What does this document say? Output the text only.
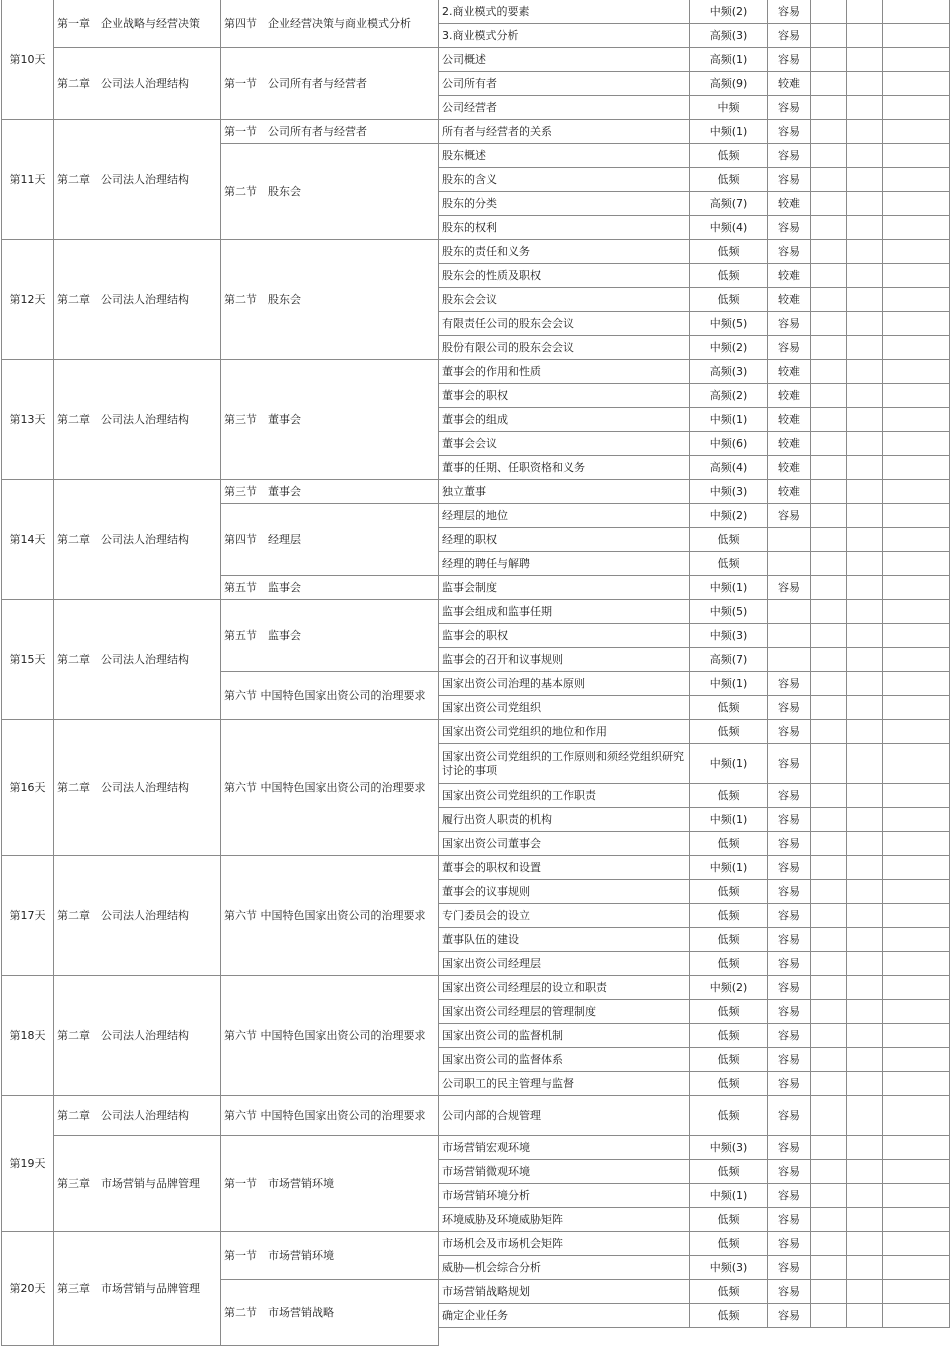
第10天	第一章　企业战略与经营决策	第四节　企业经营决策与商业模式分析	2.商业模式的要素	中频(2)	容易			
			3.商业模式分析	高频(3)	容易			
	第二章　公司法人治理结构	第一节　公司所有者与经营者	公司概述	高频(1)	容易			
			公司所有者	高频(9)	较难			
			公司经营者	中频	容易			
第11天	第二章　公司法人治理结构	第一节　公司所有者与经营者	所有者与经营者的关系	中频(1)	容易			
		第二节　股东会	股东概述	低频	容易			
			股东的含义	低频	容易			
			股东的分类	高频(7)	较难			
			股东的权利	中频(4)	容易			
第12天	第二章　公司法人治理结构	第二节　股东会	股东的责任和义务	低频	容易			
			股东会的性质及职权	低频	较难			
			股东会会议	低频	较难			
			有限责任公司的股东会会议	中频(5)	容易			
			股份有限公司的股东会会议	中频(2)	容易			
第13天	第二章　公司法人治理结构	第三节　董事会	董事会的作用和性质	高频(3)	较难			
			董事会的职权	高频(2)	较难			
			董事会的组成	中频(1)	较难			
			董事会会议	中频(6)	较难			
			董事的任期、任职资格和义务	高频(4)	较难			
第14天	第二章　公司法人治理结构	第三节　董事会	独立董事	中频(3)	较难			
		第四节　经理层	经理层的地位	中频(2)	容易			
			经理的职权	低频				
			经理的聘任与解聘	低频				
		第五节　监事会	监事会制度	中频(1)	容易			
第15天	第二章　公司法人治理结构	第五节　监事会	监事会组成和监事任期	中频(5)				
			监事会的职权	中频(3)				
			监事会的召开和议事规则	高频(7)				
		第六节 中国特色国家出资公司的治理要求	国家出资公司治理的基本原则	中频(1)	容易			
			国家出资公司党组织	低频	容易			
第16天	第二章　公司法人治理结构	第六节 中国特色国家出资公司的治理要求	国家出资公司党组织的地位和作用	低频	容易			
			国家出资公司党组织的工作原则和须经党组织研究讨论的事项	中频(1)	容易			
			国家出资公司党组织的工作职责	低频	容易			
			履行出资人职责的机构	中频(1)	容易			
			国家出资公司董事会	低频	容易			
第17天	第二章　公司法人治理结构	第六节 中国特色国家出资公司的治理要求	董事会的职权和设置	中频(1)	容易			
			董事会的议事规则	低频	容易			
			专门委员会的设立	低频	容易			
			董事队伍的建设	低频	容易			
			国家出资公司经理层	低频	容易			
第18天	第二章　公司法人治理结构	第六节 中国特色国家出资公司的治理要求	国家出资公司经理层的设立和职责	中频(2)	容易			
			国家出资公司经理层的管理制度	低频	容易			
			国家出资公司的监督机制	低频	容易			
			国家出资公司的监督体系	低频	容易			
			公司职工的民主管理与监督	低频	容易			
第19天	第二章　公司法人治理结构	第六节 中国特色国家出资公司的治理要求	公司内部的合规管理	低频	容易			
	第三章　市场营销与品牌管理	第一节　市场营销环境	市场营销宏观环境	中频(3)	容易			
			市场营销微观环境	低频	容易			
			市场营销环境分析	中频(1)	容易			
			环境威胁及环境威胁矩阵	低频	容易			
第20天	第三章　市场营销与品牌管理	第一节　市场营销环境	市场机会及市场机会矩阵	低频	容易			
			威胁—机会综合分析	中频(3)	容易			
		第二节　市场营销战略	市场营销战略规划	低频	容易			
			确定企业任务	低频	容易			
